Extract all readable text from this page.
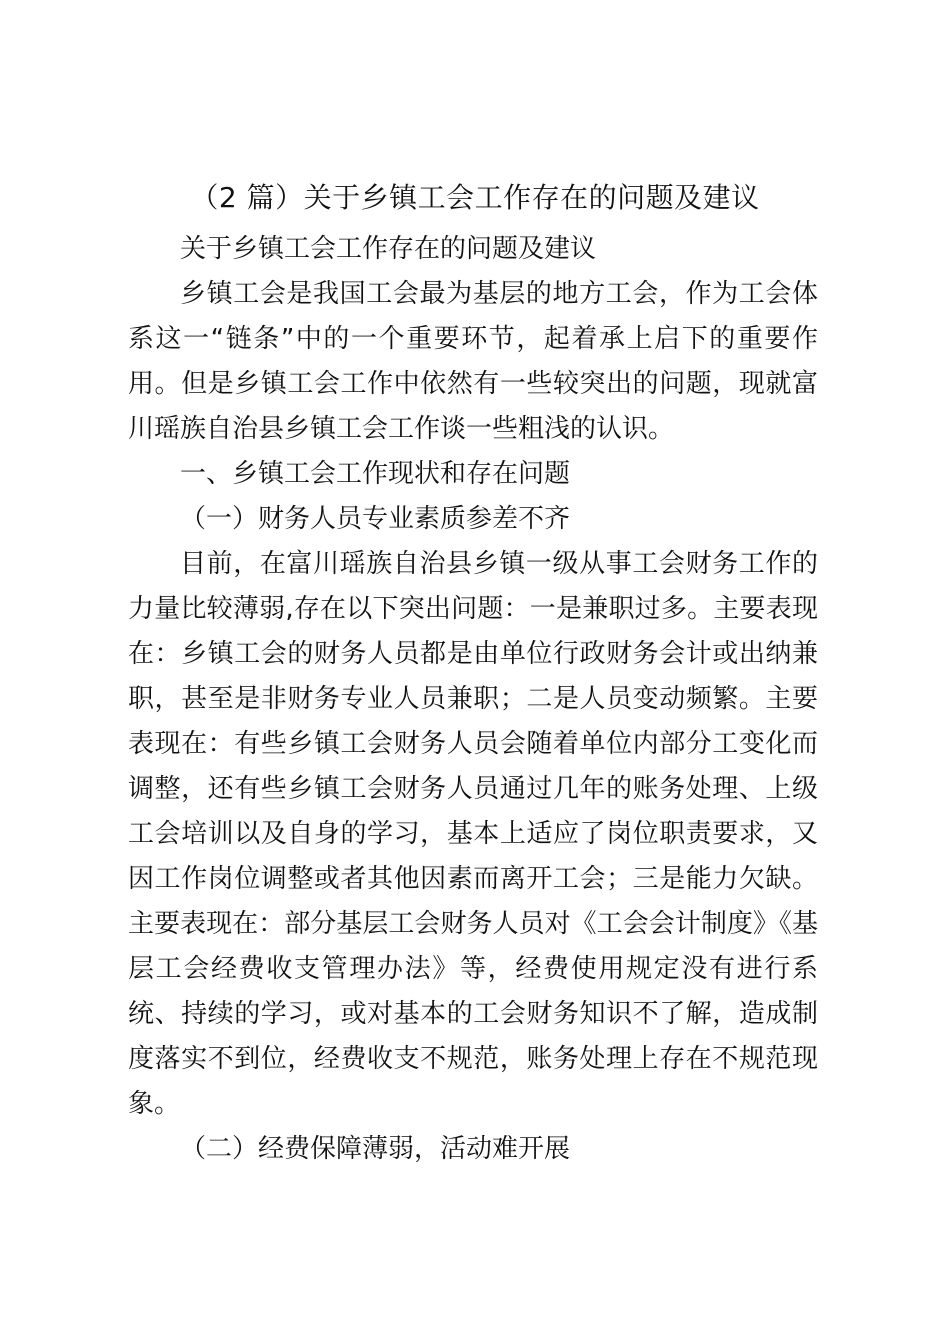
（2 篇）关于乡镇工会工作存在的问题及建议

关于乡镇工会工作存在的问题及建议

乡镇工会是我国工会最为基层的地方工会，作为工会体系这一“链条”中的一个重要环节，起着承上启下的重要作用。但是乡镇工会工作中依然有一些较突出的问题，现就富川瑶族自治县乡镇工会工作谈一些粗浅的认识。

一、乡镇工会工作现状和存在问题

（一）财务人员专业素质参差不齐

目前，在富川瑶族自治县乡镇一级从事工会财务工作的力量比较薄弱,存在以下突出问题：一是兼职过多。主要表现在：乡镇工会的财务人员都是由单位行政财务会计或出纳兼职，甚至是非财务专业人员兼职；二是人员变动频繁。主要表现在：有些乡镇工会财务人员会随着单位内部分工变化而调整，还有些乡镇工会财务人员通过几年的账务处理、上级工会培训以及自身的学习，基本上适应了岗位职责要求，又因工作岗位调整或者其他因素而离开工会；三是能力欠缺。主要表现在：部分基层工会财务人员对《工会会计制度》《基层工会经费收支管理办法》等，经费使用规定没有进行系统、持续的学习，或对基本的工会财务知识不了解，造成制度落实不到位，经费收支不规范，账务处理上存在不规范现象。

（二）经费保障薄弱，活动难开展
